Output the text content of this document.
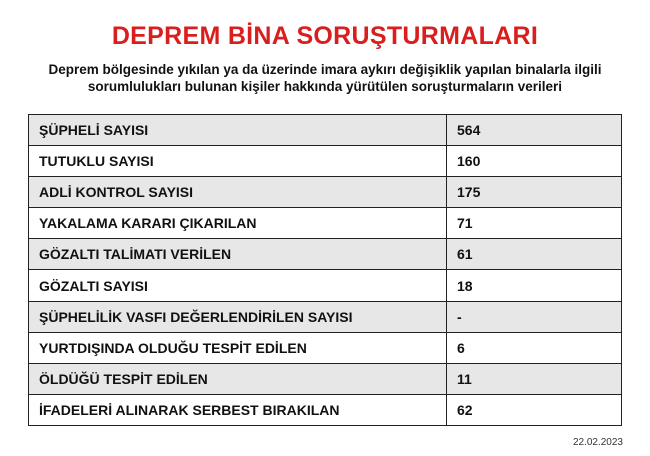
DEPREM BİNA SORUŞTURMALARI
Deprem bölgesinde yıkılan ya da üzerinde imara aykırı değişiklik yapılan binalarla ilgili sorumlulukları bulunan kişiler hakkında yürütülen soruşturmaların verileri
ŞÜPHELİ SAYISI	564
TUTUKLU SAYISI	160
ADLİ KONTROL SAYISI	175
YAKALAMA KARARI ÇIKARILAN	71
GÖZALTI TALİMATI VERİLEN	61
GÖZALTI SAYISI	18
ŞÜPHELİLİK VASFI DEĞERLENDİRİLEN SAYISI	-
YURTDIŞINDA OLDUĞU TESPİT EDİLEN	6
ÖLDÜĞÜ TESPİT EDİLEN	11
İFADELERİ ALINARAK SERBEST BIRAKILAN	62
22.02.2023
